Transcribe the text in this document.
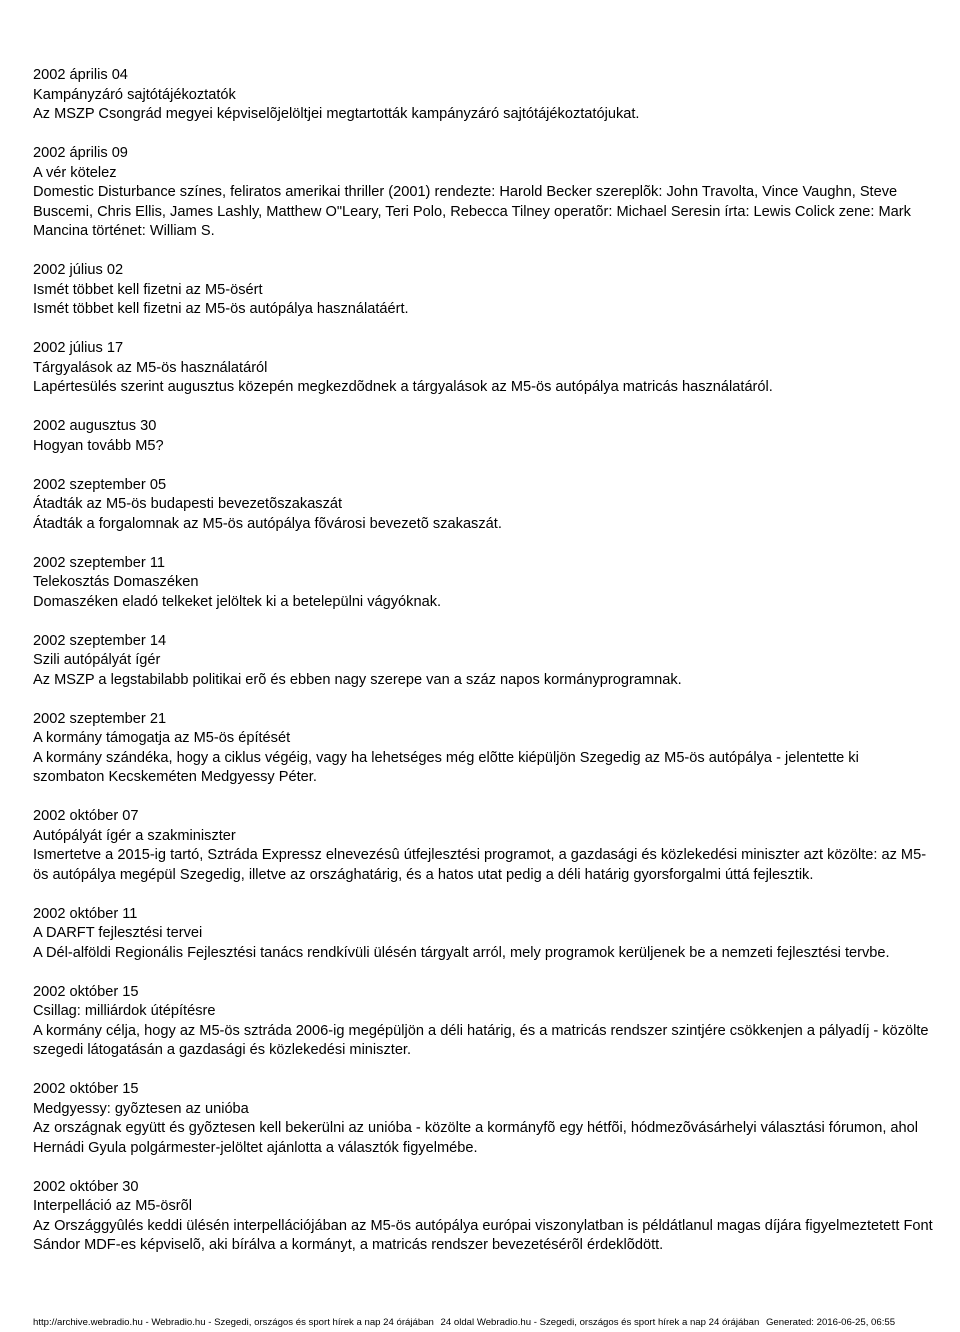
2002 április 04
Kampányzáró sajtótájékoztatók
Az MSZP Csongrád megyei képviselõjelöltjei megtartották kampányzáró sajtótájékoztatójukat.
2002 április 09
A vér kötelez
Domestic Disturbance színes, feliratos amerikai thriller (2001) rendezte: Harold Becker szereplõk: John Travolta, Vince Vaughn, Steve Buscemi, Chris Ellis, James Lashly, Matthew O"Leary, Teri Polo, Rebecca Tilney operatõr: Michael Seresin írta: Lewis Colick zene: Mark Mancina történet: William S.
2002 július 02
Ismét többet kell fizetni az M5-ösért
Ismét többet kell fizetni az M5-ös autópálya használatáért.
2002 július 17
Tárgyalások az M5-ös használatáról
Lapértesülés szerint augusztus közepén megkezdõdnek a tárgyalások az M5-ös autópálya matricás használatáról.
2002 augusztus 30
Hogyan tovább M5?
2002 szeptember 05
Átadták az M5-ös budapesti bevezetõszakaszát
Átadták a forgalomnak az M5-ös autópálya fõvárosi bevezetõ szakaszát.
2002 szeptember 11
Telekosztás Domaszéken
Domaszéken eladó telkeket jelöltek ki a betelepülni vágyóknak.
2002 szeptember 14
Szili autópályát ígér
Az MSZP a legstabilabb politikai erõ és ebben nagy szerepe van a száz napos kormányprogramnak.
2002 szeptember 21
A kormány támogatja az M5-ös építését
A kormány szándéka, hogy a ciklus végéig, vagy ha lehetséges még elõtte kiépüljön Szegedig az M5-ös autópálya - jelentette ki szombaton Kecskeméten Medgyessy Péter.
2002 október 07
Autópályát ígér a szakminiszter
Ismertetve a 2015-ig tartó, Sztráda Expressz elnevezésû útfejlesztési programot, a gazdasági és közlekedési miniszter azt közölte: az M5-ös autópálya megépül Szegedig, illetve az országhatárig, és a hatos utat pedig a déli határig gyorsforgalmi úttá fejlesztik.
2002 október 11
A DARFT fejlesztési tervei
A Dél-alföldi Regionális Fejlesztési tanács rendkívüli ülésén tárgyalt arról, mely programok kerüljenek be a nemzeti fejlesztési tervbe.
2002 október 15
Csillag: milliárdok útépítésre
A kormány célja, hogy az M5-ös sztráda 2006-ig megépüljön a déli határig, és a matricás rendszer szintjére csökkenjen a pályadíj - közölte szegedi látogatásán a gazdasági és közlekedési miniszter.
2002 október 15
Medgyessy: gyõztesen az unióba
Az országnak együtt és gyõztesen kell bekerülni az unióba - közölte a kormányfõ egy hétfõi, hódmezõvásárhelyi választási fórumon, ahol Hernádi Gyula polgármester-jelöltet ajánlotta a választók figyelmébe.
2002 október 30
Interpelláció az M5-ösrõl
Az Országgyûlés keddi ülésén interpellációjában az M5-ös autópálya európai viszonylatban is példátlanul magas díjára figyelmeztetett Font Sándor MDF-es képviselõ, aki bírálva a kormányt, a matricás rendszer bevezetésérõl érdeklõdött.
http://archive.webradio.hu - Webradio.hu - Szegedi, országos és sport hírek a nap 24 órájában 24 oldal Webradio.hu - Szegedi, országos és sport hírek a nap 24 órájában Generated: 2016-06-25, 06:55
